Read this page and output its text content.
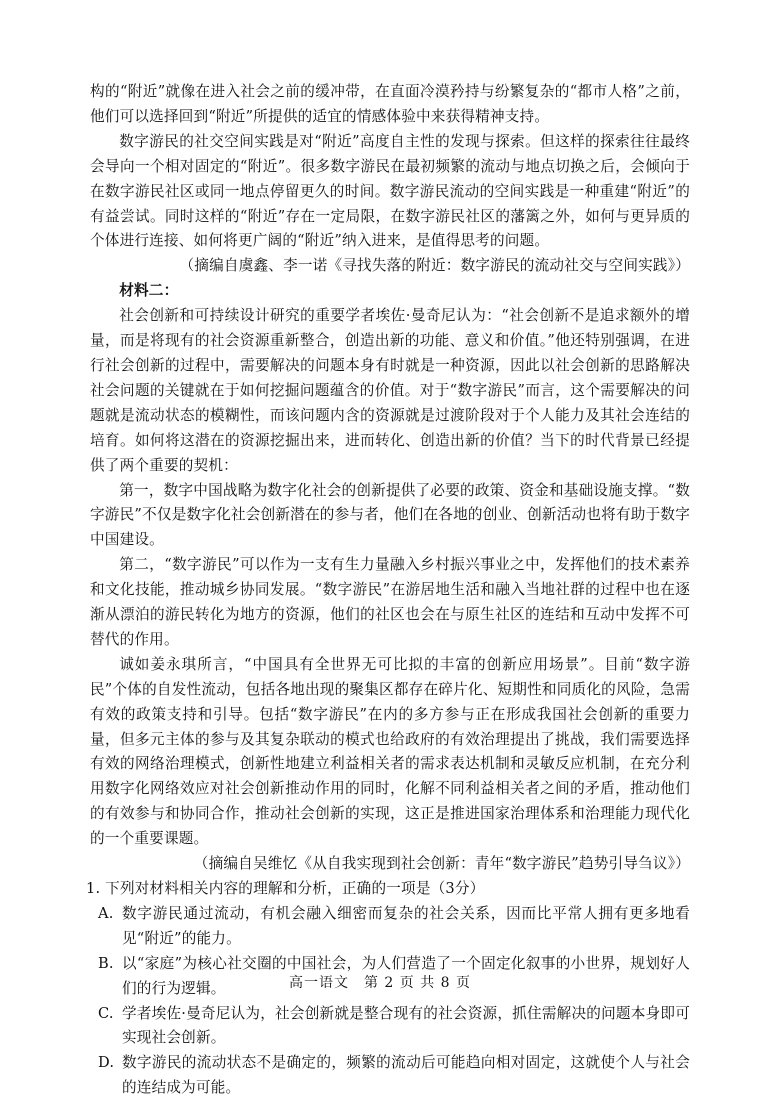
构的“附近”就像在进入社会之前的缓冲带，在直面冷漠矜持与纷繁复杂的“都市人格”之前，他们可以选择回到“附近”所提供的适宜的情感体验中来获得精神支持。

数字游民的社交空间实践是对“附近”高度自主性的发现与探索。但这样的探索往往最终会导向一个相对固定的“附近”。很多数字游民在最初频繁的流动与地点切换之后，会倾向于在数字游民社区或同一地点停留更久的时间。数字游民流动的空间实践是一种重建“附近”的有益尝试。同时这样的“附近”存在一定局限，在数字游民社区的藩篱之外，如何与更异质的个体进行连接、如何将更广阔的“附近”纳入进来，是值得思考的问题。

（摘编自虞鑫、李一诺《寻找失落的附近：数字游民的流动社交与空间实践》）

材料二：

社会创新和可持续设计研究的重要学者埃佐·曼奇尼认为：“社会创新不是追求额外的增量，而是将现有的社会资源重新整合，创造出新的功能、意义和价值。”他还特别强调，在进行社会创新的过程中，需要解决的问题本身有时就是一种资源，因此以社会创新的思路解决社会问题的关键就在于如何挖掘问题蕴含的价值。对于“数字游民”而言，这个需要解决的问题就是流动状态的模糊性，而该问题内含的资源就是过渡阶段对于个人能力及其社会连结的培育。如何将这潜在的资源挖掘出来，进而转化、创造出新的价值？当下的时代背景已经提供了两个重要的契机：

第一，数字中国战略为数字化社会的创新提供了必要的政策、资金和基础设施支撑。“数字游民”不仅是数字化社会创新潜在的参与者，他们在各地的创业、创新活动也将有助于数字中国建设。

第二，“数字游民”可以作为一支有生力量融入乡村振兴事业之中，发挥他们的技术素养和文化技能，推动城乡协同发展。“数字游民”在游居地生活和融入当地社群的过程中也在逐渐从漂泊的游民转化为地方的资源，他们的社区也会在与原生社区的连结和互动中发挥不可替代的作用。

诚如姜永琪所言，“中国具有全世界无可比拟的丰富的创新应用场景”。目前“数字游民”个体的自发性流动，包括各地出现的聚集区都存在碎片化、短期性和同质化的风险，急需有效的政策支持和引导。包括“数字游民”在内的多方参与正在形成我国社会创新的重要力量，但多元主体的参与及其复杂联动的模式也给政府的有效治理提出了挑战，我们需要选择有效的网络治理模式，创新性地建立利益相关者的需求表达机制和灵敏反应机制，在充分利用数字化网络效应对社会创新推动作用的同时，化解不同利益相关者之间的矛盾，推动他们的有效参与和协同合作，推动社会创新的实现，这正是推进国家治理体系和治理能力现代化的一个重要课题。

（摘编自吴维忆《从自我实现到社会创新：青年“数字游民”趋势引导刍议》）

1. 下列对材料相关内容的理解和分析，正确的一项是（3分）

A. 数字游民通过流动，有机会融入细密而复杂的社会关系，因而比平常人拥有更多地看见“附近”的能力。

B. 以“家庭”为核心社交圈的中国社会，为人们营造了一个固定化叙事的小世界，规划好人们的行为逻辑。

C. 学者埃佐·曼奇尼认为，社会创新就是整合现有的社会资源，抓住需解决的问题本身即可实现社会创新。

D. 数字游民的流动状态不是确定的，频繁的流动后可能趋向相对固定，这就使个人与社会的连结成为可能。

高一语文　第 2 页 共 8 页
